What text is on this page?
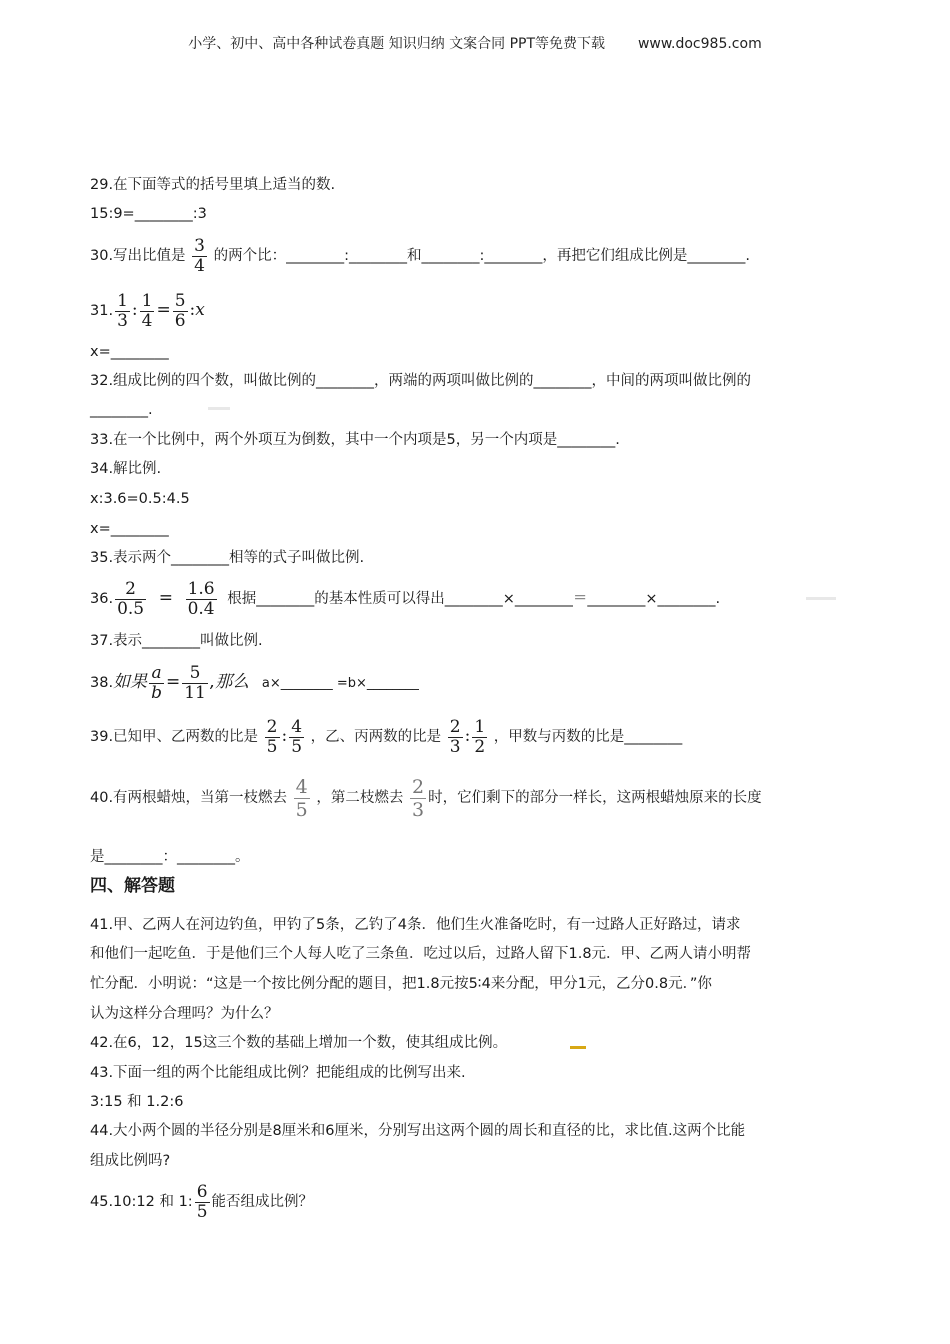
小学、初中、高中各种试卷真题 知识归纳 文案合同 PPT等免费下载 www.doc985.com
29.在下面等式的括号里填上适当的数.
15:9=________:3
30.写出比值是 $\frac{3}{4}$ 的两个比：________:________和________:________，再把它们组成比例是________.
31. $\frac{1}{3}$ : $\frac{1}{4} = \frac{5}{6}$ :x
x=________
32.组成比例的四个数，叫做比例的________，两端的两项叫做比例的________，中间的两项叫做比例的
________.
33.在一个比例中，两个外项互为倒数，其中一个内项是5，另一个内项是________.
34.解比例.
x:3.6=0.5:4.5
x=________
35.表示两个________相等的式子叫做比例.
36. $\frac{2}{0.5} = \frac{1.6}{0.4}$ 根据________的基本性质可以得出________×________＝________×________.
37.表示________叫做比例.
38.如果 $\frac{a}{b} = \frac{5}{11}$ ,那么 a×________ =b×________
39.已知甲、乙两数的比是 $\frac{2}{5}$ : $\frac{4}{5}$ ，乙、丙两数的比是 $\frac{2}{3}$ : $\frac{1}{2}$ ，甲数与丙数的比是________
40.有两根蜡烛，当第一枝燃去 $\frac{4}{5}$ ，第二枝燃去 $\frac{2}{3}$ 时，它们剩下的部分一样长，这两根蜡烛原来的长度
是________：________。
四、解答题
41.甲、乙两人在河边钓鱼，甲钓了5条，乙钓了4条．他们生火准备吃时，有一过路人正好路过，请求
和他们一起吃鱼．于是他们三个人每人吃了三条鱼．吃过以后，过路人留下1.8元．甲、乙两人请小明帮
忙分配．小明说：“这是一个按比例分配的题目，把1.8元按5∶4来分配，甲分1元，乙分0.8元．”你
认为这样分合理吗？为什么？
42.在6，12，15这三个数的基础上增加一个数，使其组成比例。
43.下面一组的两个比能组成比例？把能组成的比例写出来.
3:15 和 1.2:6
44.大小两个圆的半径分别是8厘米和6厘米，分别写出这两个圆的周长和直径的比，求比值.这两个比能
组成比例吗?
45.10:12 和 1: $\frac{6}{5}$ 能否组成比例？
